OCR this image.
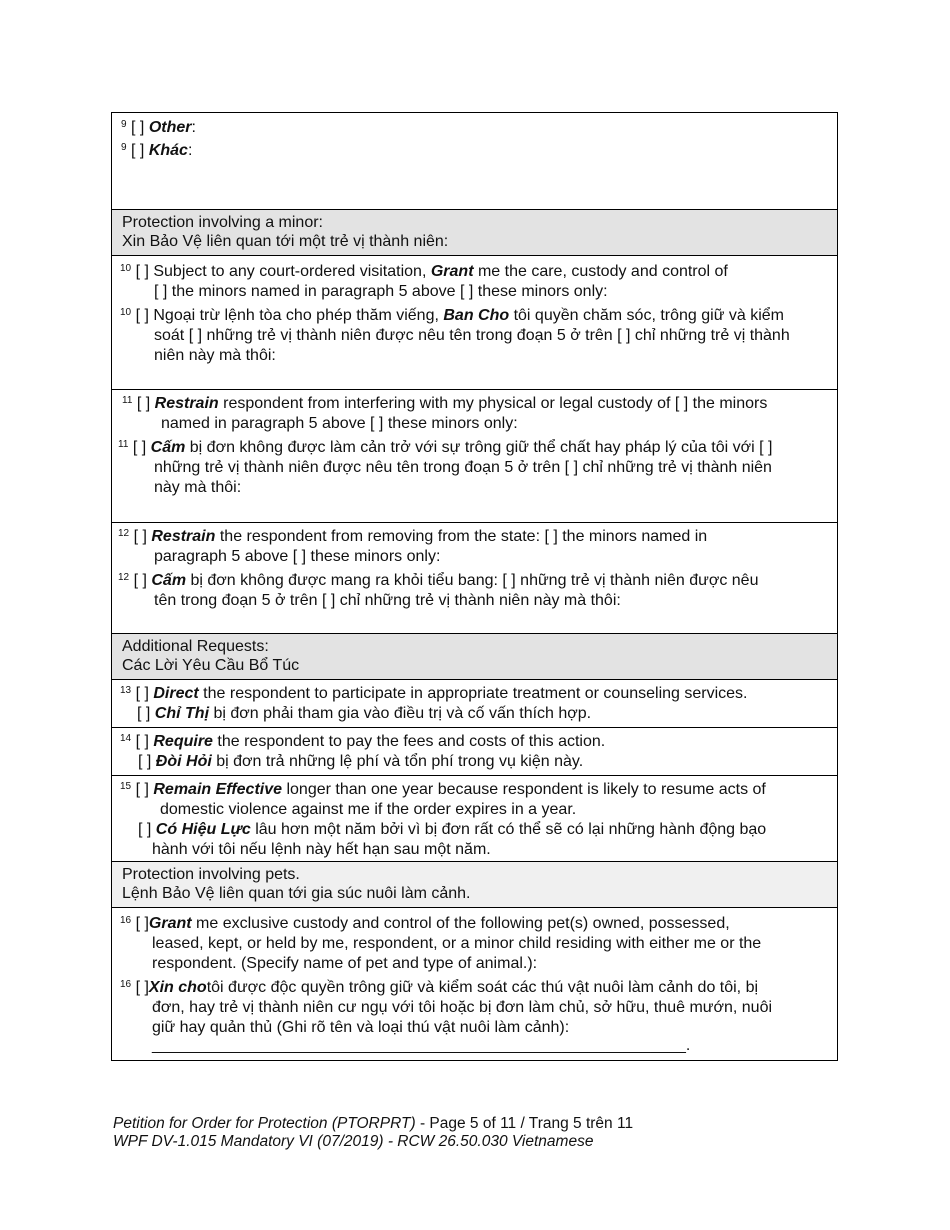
$^9$ [ ] Other:
$^9$ [ ] Khác:
Protection involving a minor:
Xin Bảo Vệ liên quan tới một trẻ vị thành niên:
$^{10}$ [ ] Subject to any court-ordered visitation, Grant me the care, custody and control of
[ ] the minors named in paragraph 5 above [ ] these minors only:
$^{10}$ [ ] Ngoại trừ lệnh tòa cho phép thăm viếng, Ban Cho tôi quyền chăm sóc, trông giữ và kiểm
soát [ ] những trẻ vị thành niên được nêu tên trong đoạn 5 ở trên [ ] chỉ những trẻ vị thành
niên này mà thôi:
$^{11}$ [ ] Restrain respondent from interfering with my physical or legal custody of [ ] the minors
named in paragraph 5 above [ ] these minors only:
$^{11}$ [ ] Cấm bị đơn không được làm cản trở với sự trông giữ thể chất hay pháp lý của tôi với [ ]
những trẻ vị thành niên được nêu tên trong đoạn 5 ở trên [ ] chỉ những trẻ vị thành niên
này mà thôi:
$^{12}$ [ ] Restrain the respondent from removing from the state: [ ] the minors named in
paragraph 5 above [ ] these minors only:
$^{12}$ [ ] Cấm bị đơn không được mang ra khỏi tiểu bang: [ ] những trẻ vị thành niên được nêu
tên trong đoạn 5 ở trên [ ] chỉ những trẻ vị thành niên này mà thôi:
Additional Requests:
Các Lời Yêu Cầu Bổ Túc
$^{13}$ [ ] Direct the respondent to participate in appropriate treatment or counseling services.
[ ] Chỉ Thị bị đơn phải tham gia vào điều trị và cố vấn thích hợp.
$^{14}$ [ ] Require the respondent to pay the fees and costs of this action.
[ ] Đòi Hỏi bị đơn trả những lệ phí và tổn phí trong vụ kiện này.
$^{15}$ [ ] Remain Effective longer than one year because respondent is likely to resume acts of
domestic violence against me if the order expires in a year.
[ ] Có Hiệu Lực lâu hơn một năm bởi vì bị đơn rất có thể sẽ có lại những hành động bạo
hành với tôi nếu lệnh này hết hạn sau một năm.
Protection involving pets.
Lệnh Bảo Vệ liên quan tới gia súc nuôi làm cảnh.
$^{16}$ [ ]Grant me exclusive custody and control of the following pet(s) owned, possessed,
leased, kept, or held by me, respondent, or a minor child residing with either me or the
respondent. (Specify name of pet and type of animal.):
$^{16}$ [ ]Xin chotôi được độc quyền trông giữ và kiểm soát các thú vật nuôi làm cảnh do tôi, bị
đơn, hay trẻ vị thành niên cư ngụ với tôi hoặc bị đơn làm chủ, sở hữu, thuê mướn, nuôi
giữ hay quản thủ (Ghi rõ tên và loại thú vật nuôi làm cảnh):
____________________________________________________________.
Petition for Order for Protection (PTORPRT) - Page 5 of 11 / Trang 5 trên 11
WPF DV-1.015 Mandatory VI (07/2019) - RCW 26.50.030 Vietnamese
